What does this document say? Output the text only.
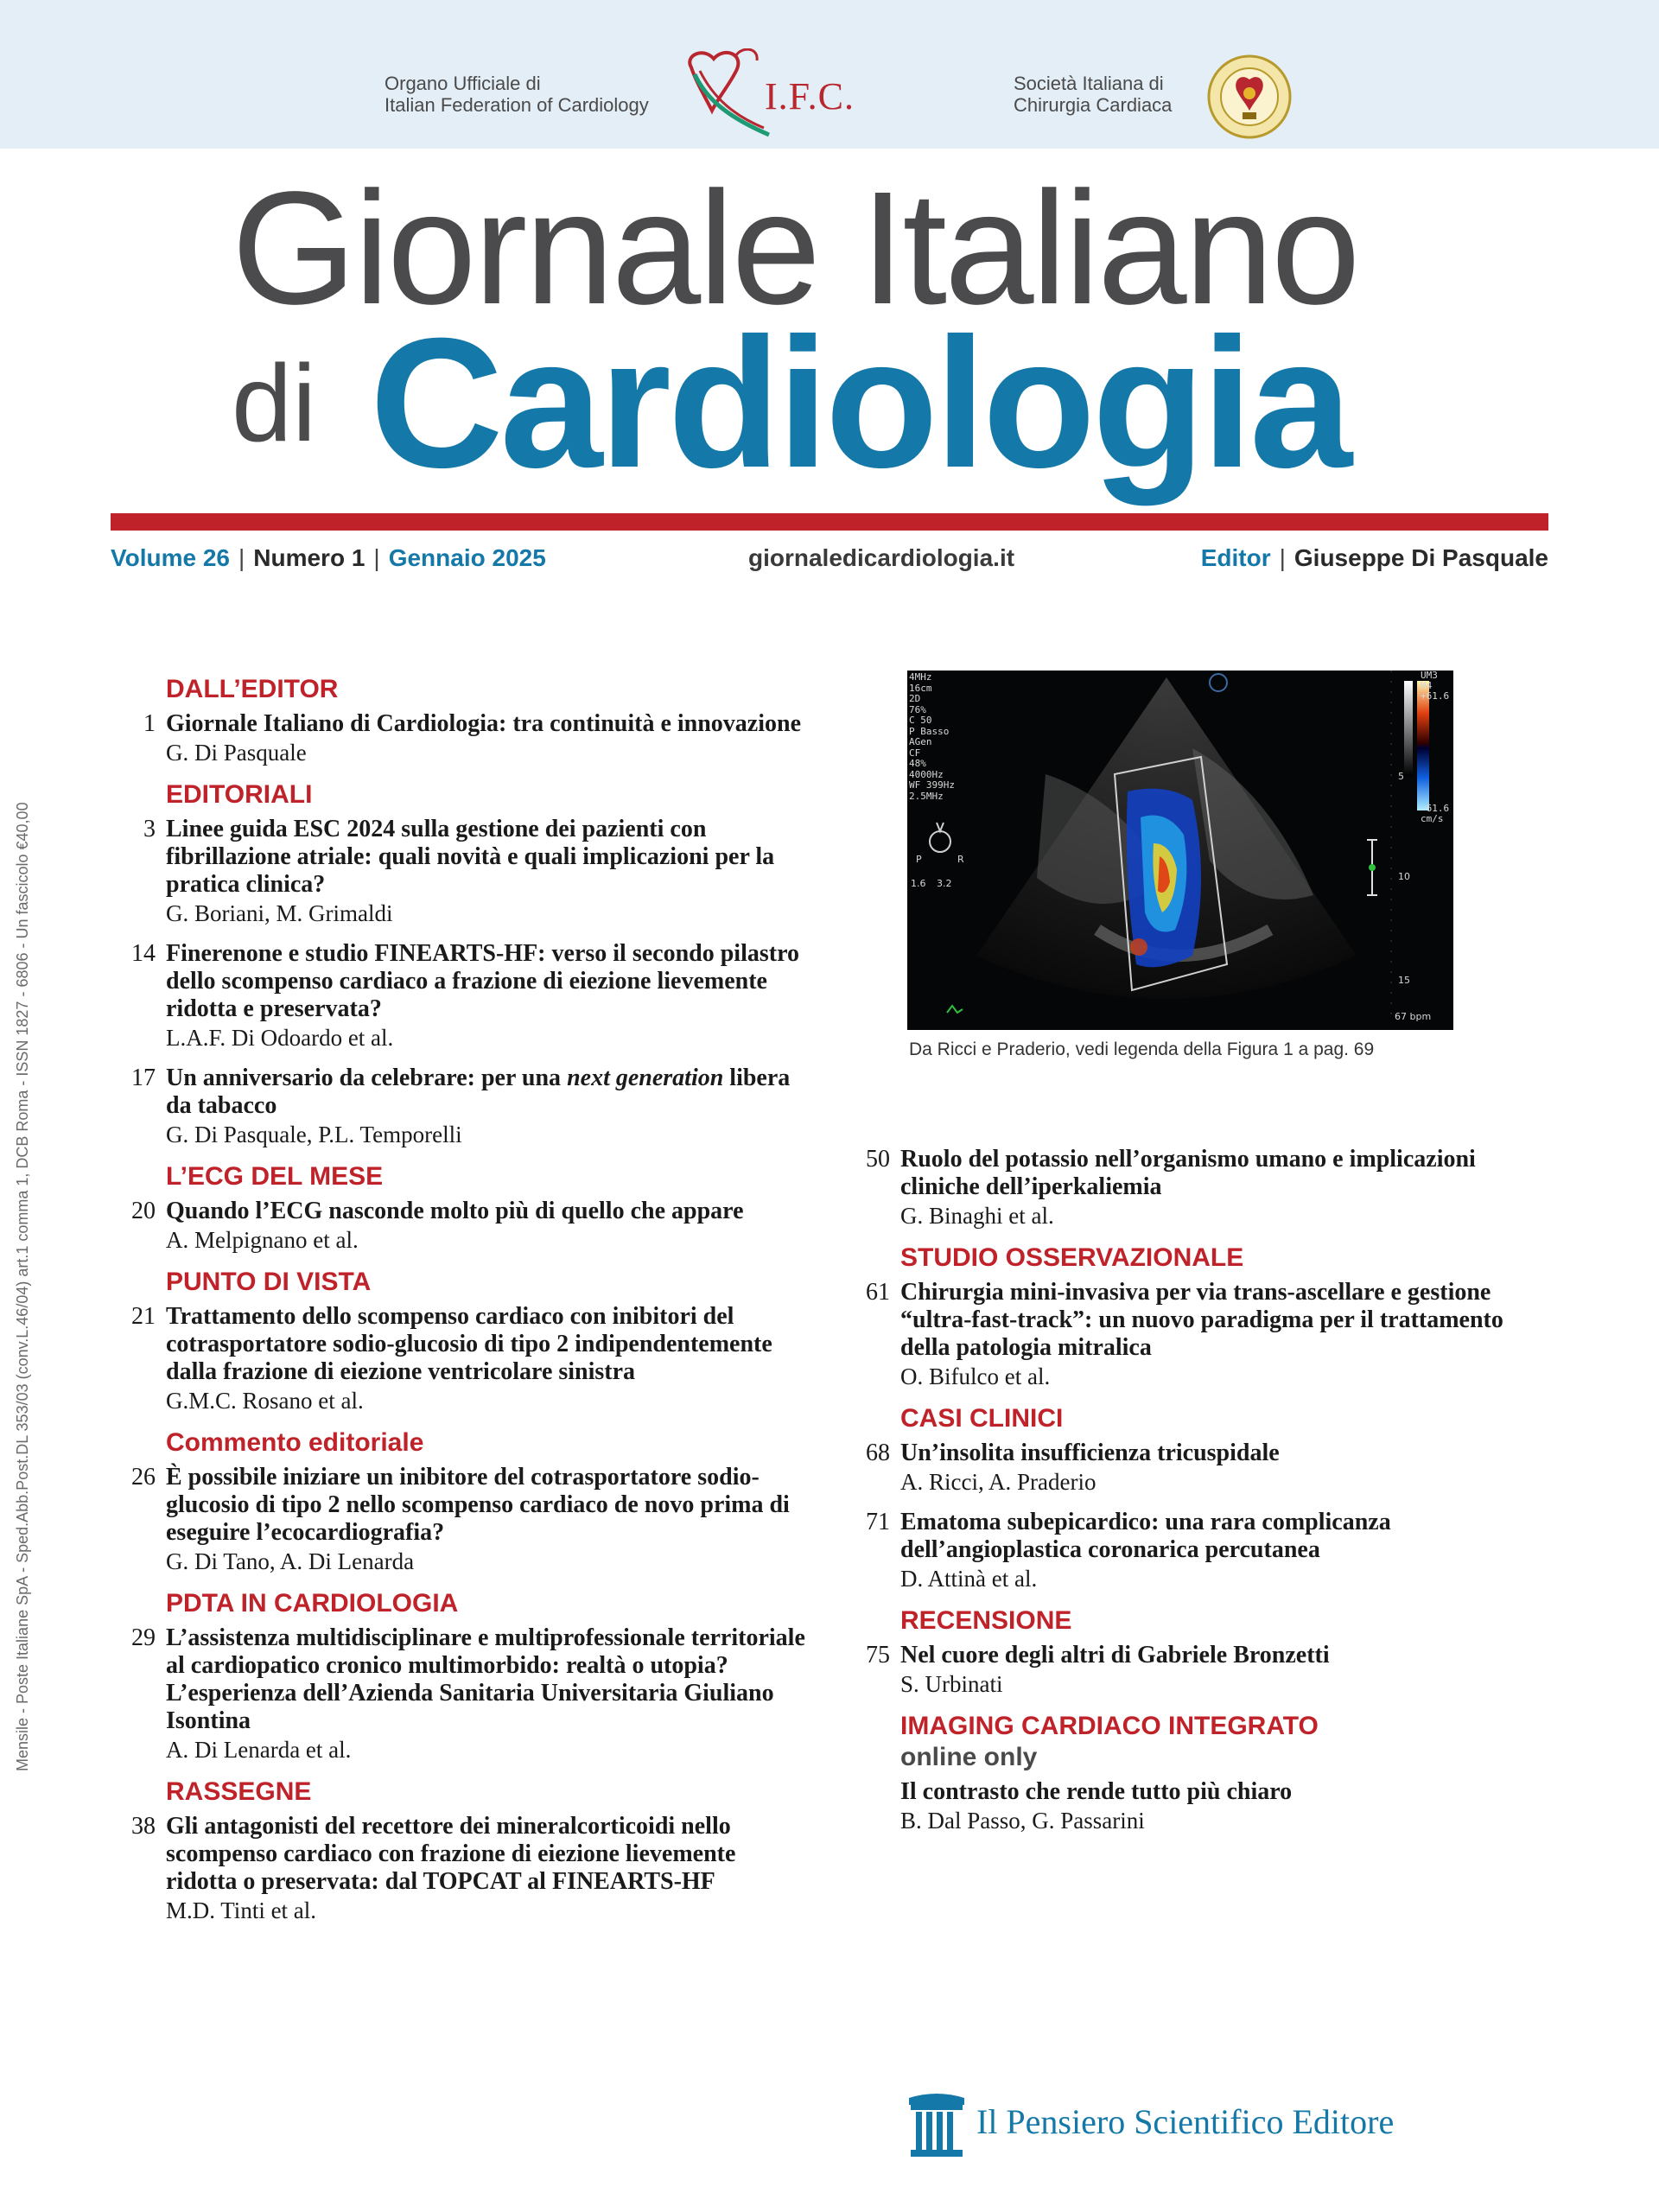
Organo Ufficiale di
Italian Federation of Cardiology	I.F.C.	Società Italiana di
Chirurgia Cardiaca
Giornale Italiano
di Cardiologia
Volume 26 | Numero 1 | Gennaio 2025	giornaledicardiologia.it	Editor | Giuseppe Di Pasquale
Mensile - Poste Italiane SpA - Sped.Abb.Post.DL 353/03 (conv.L.46/04) art.1 comma 1, DCB Roma - ISSN 1827 - 6806 - Un fascicolo €40,00
DALL’EDITOR
1 Giornale Italiano di Cardiologia: tra continuità e innovazione
G. Di Pasquale
EDITORIALI
3 Linee guida ESC 2024 sulla gestione dei pazienti con fibrillazione atriale: quali novità e quali implicazioni per la pratica clinica?
G. Boriani, M. Grimaldi
14 Finerenone e studio FINEARTS-HF: verso il secondo pilastro dello scompenso cardiaco a frazione di eiezione lievemente ridotta e preservata?
L.A.F. Di Odoardo et al.
17 Un anniversario da celebrare: per una next generation libera da tabacco
G. Di Pasquale, P.L. Temporelli
L’ECG DEL MESE
20 Quando l’ECG nasconde molto più di quello che appare
A. Melpignano et al.
PUNTO DI VISTA
21 Trattamento dello scompenso cardiaco con inibitori del cotrasportatore sodio-glucosio di tipo 2 indipendentemente dalla frazione di eiezione ventricolare sinistra
G.M.C. Rosano et al.
Commento editoriale
26 È possibile iniziare un inibitore del cotrasportatore sodio-glucosio di tipo 2 nello scompenso cardiaco de novo prima di eseguire l’ecocardiografia?
G. Di Tano, A. Di Lenarda
PDTA IN CARDIOLOGIA
29 L’assistenza multidisciplinare e multiprofessionale territoriale al cardiopatico cronico multimorbido: realtà o utopia? L’esperienza dell’Azienda Sanitaria Universitaria Giuliano Isontina
A. Di Lenarda et al.
RASSEGNE
38 Gli antagonisti del recettore dei mineralcorticoidi nello scompenso cardiaco con frazione di eiezione lievemente ridotta o preservata: dal TOPCAT al FINEARTS-HF
M.D. Tinti et al.
50 Ruolo del potassio nell’organismo umano e implicazioni cliniche dell’iperkaliemia
G. Binaghi et al.
STUDIO OSSERVAZIONALE
61 Chirurgia mini-invasiva per via trans-ascellare e gestione “ultra-fast-track”: un nuovo paradigma per il trattamento della patologia mitralica
O. Bifulco et al.
CASI CLINICI
68 Un’insolita insufficienza tricuspidale
A. Ricci, A. Praderio
71 Ematoma subepicardico: una rara complicanza dell’angioplastica coronarica percutanea
D. Attinà et al.
RECENSIONE
75 Nel cuore degli altri di Gabriele Bronzetti
S. Urbinati
IMAGING CARDIACO INTEGRATO
online only
Il contrasto che rende tutto più chiaro
B. Dal Passo, G. Passarini
4MHz
16cm
2D
76%
C 50
P Basso
AGen
CF
48%
4000Hz
WF 399Hz
2.5MHz
UM3 M4
+61.6
-61.6
cm/s
5
10
15
67 bpm
P	R
1.6 3.2
Da Ricci e Praderio, vedi legenda della Figura 1 a pag. 69
Il Pensiero Scientifico Editore
